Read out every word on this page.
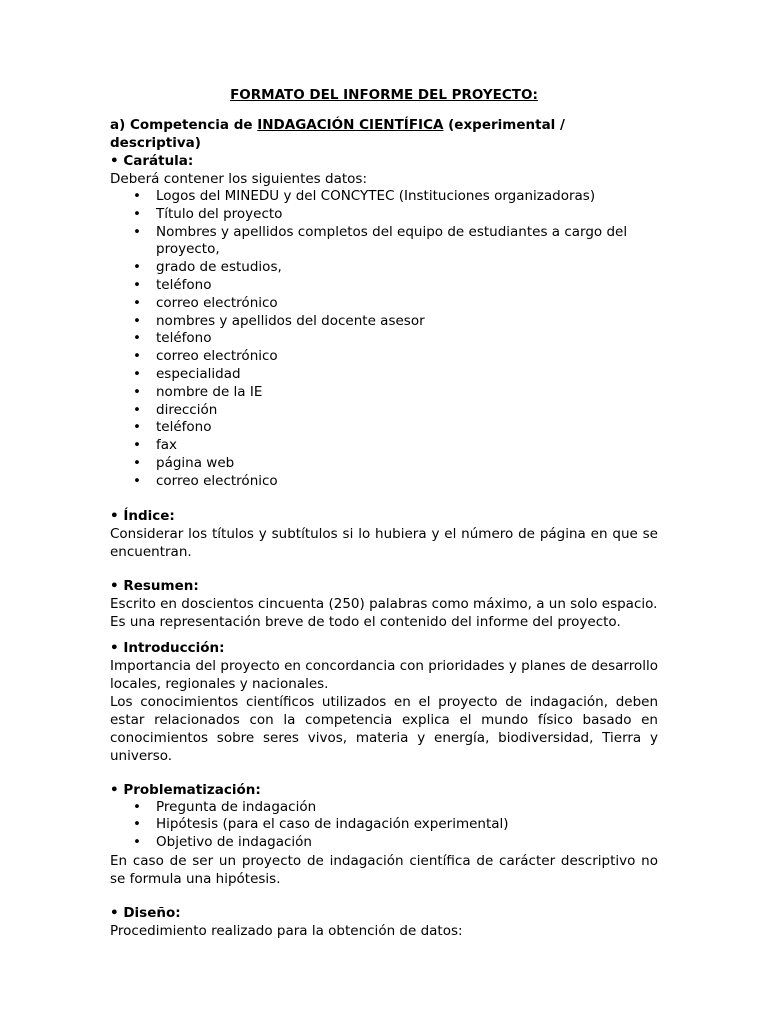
FORMATO DEL INFORME DEL PROYECTO:

a) Competencia de INDAGACIÓN CIENTÍFICA (experimental / descriptiva)

• Carátula:

Deberá contener los siguientes datos:

• Logos del MINEDU y del CONCYTEC (Instituciones organizadoras)
• Título del proyecto
• Nombres y apellidos completos del equipo de estudiantes a cargo del proyecto,
• grado de estudios,
• teléfono
• correo electrónico
• nombres y apellidos del docente asesor
• teléfono
• correo electrónico
• especialidad
• nombre de la IE
• dirección
• teléfono
• fax
• página web
• correo electrónico

• Índice:

Considerar los títulos y subtítulos si lo hubiera y el número de página en que se encuentran.

• Resumen:

Escrito en doscientos cincuenta (250) palabras como máximo, a un solo espacio.

Es una representación breve de todo el contenido del informe del proyecto.

• Introducción:

Importancia del proyecto en concordancia con prioridades y planes de desarrollo locales, regionales y nacionales.

Los conocimientos científicos utilizados en el proyecto de indagación, deben estar relacionados con la competencia explica el mundo físico basado en conocimientos sobre seres vivos, materia y energía, biodiversidad, Tierra y universo.

• Problematización:

• Pregunta de indagación
• Hipótesis (para el caso de indagación experimental)
• Objetivo de indagación

En caso de ser un proyecto de indagación científica de carácter descriptivo no se formula una hipótesis.

• Diseño:

Procedimiento realizado para la obtención de datos:
